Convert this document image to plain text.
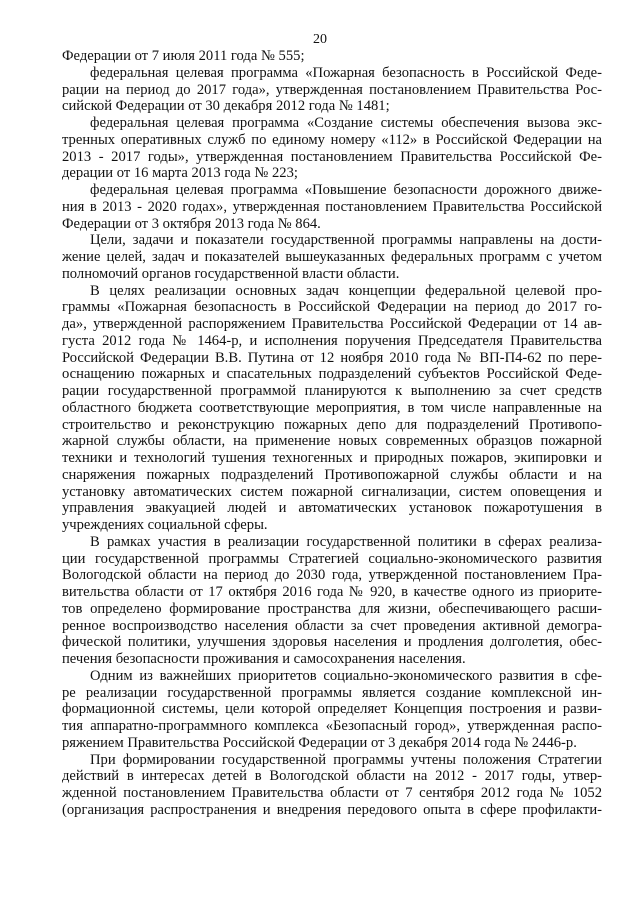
20
Федерации от 7 июля 2011 года № 555;
федеральная целевая программа «Пожарная безопасность в Российской Феде-
рации на период до 2017 года», утвержденная постановлением Правительства Рос-
сийской Федерации от 30 декабря 2012 года № 1481;
федеральная целевая программа «Создание системы обеспечения вызова экс-
тренных оперативных служб по единому номеру «112» в Российской Федерации на
2013 - 2017 годы», утвержденная постановлением Правительства Российской Фе-
дерации от 16 марта 2013 года № 223;
федеральная целевая программа «Повышение безопасности дорожного движе-
ния в 2013 - 2020 годах», утвержденная постановлением Правительства Российской
Федерации от 3 октября 2013 года № 864.
Цели, задачи и показатели государственной программы направлены на дости-
жение целей, задач и показателей вышеуказанных федеральных программ с учетом
полномочий органов государственной власти области.
В целях реализации основных задач концепции федеральной целевой про-
граммы «Пожарная безопасность в Российской Федерации на период до 2017 го-
да», утвержденной распоряжением Правительства Российской Федерации от 14 ав-
густа 2012 года № 1464-р, и исполнения поручения Председателя Правительства
Российской Федерации В.В. Путина от 12 ноября 2010 года № ВП-П4-62 по пере-
оснащению пожарных и спасательных подразделений субъектов Российской Феде-
рации государственной программой планируются к выполнению за счет средств
областного бюджета соответствующие мероприятия, в том числе направленные на
строительство и реконструкцию пожарных депо для подразделений Противопо-
жарной службы области, на применение новых современных образцов пожарной
техники и технологий тушения техногенных и природных пожаров, экипировки и
снаряжения пожарных подразделений Противопожарной службы области и на
установку автоматических систем пожарной сигнализации, систем оповещения и
управления эвакуацией людей и автоматических установок пожаротушения в
учреждениях социальной сферы.
В рамках участия в реализации государственной политики в сферах реализа-
ции государственной программы Стратегией социально-экономического развития
Вологодской области на период до 2030 года, утвержденной постановлением Пра-
вительства области от 17 октября 2016 года № 920, в качестве одного из приорите-
тов определено формирование пространства для жизни, обеспечивающего расши-
ренное воспроизводство населения области за счет проведения активной демогра-
фической политики, улучшения здоровья населения и продления долголетия, обес-
печения безопасности проживания и самосохранения населения.
Одним из важнейших приоритетов социально-экономического развития в сфе-
ре реализации государственной программы является создание комплексной ин-
формационной системы, цели которой определяет Концепция построения и разви-
тия аппаратно-программного комплекса «Безопасный город», утвержденная распо-
ряжением Правительства Российской Федерации от 3 декабря 2014 года № 2446-р.
При формировании государственной программы учтены положения Стратегии
действий в интересах детей в Вологодской области на 2012 - 2017 годы, утвер-
жденной постановлением Правительства области от 7 сентября 2012 года № 1052
(организация распространения и внедрения передового опыта в сфере профилакти-
